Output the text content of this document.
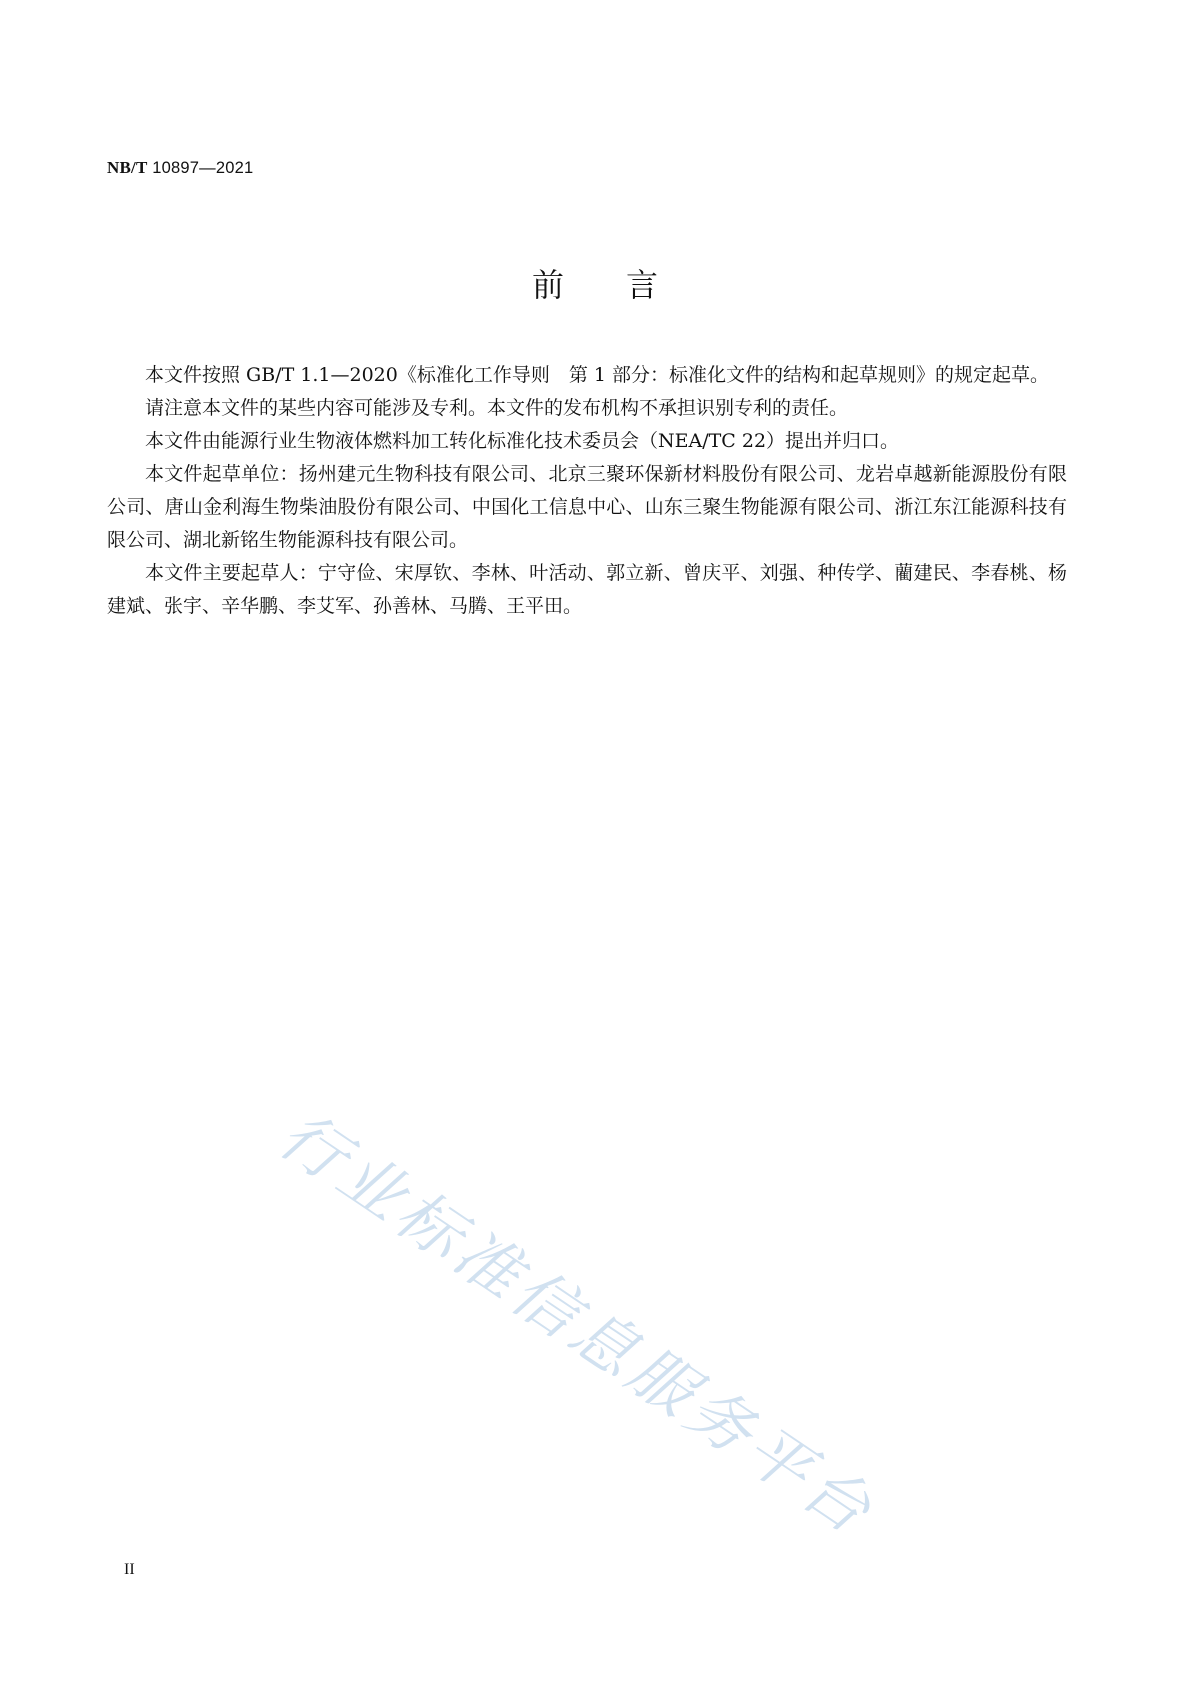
NB/T 10897—2021
前言

本文件按照 GB/T 1.1—2020《标准化工作导则　第 1 部分：标准化文件的结构和起草规则》的规定起草。

请注意本文件的某些内容可能涉及专利。本文件的发布机构不承担识别专利的责任。

本文件由能源行业生物液体燃料加工转化标准化技术委员会（NEA/TC 22）提出并归口。

本文件起草单位：扬州建元生物科技有限公司、北京三聚环保新材料股份有限公司、龙岩卓越新能源股份有限公司、唐山金利海生物柴油股份有限公司、中国化工信息中心、山东三聚生物能源有限公司、浙江东江能源科技有限公司、湖北新铭生物能源科技有限公司。

本文件主要起草人：宁守俭、宋厚钦、李林、叶活动、郭立新、曾庆平、刘强、种传学、藺建民、李春桃、杨建斌、张宇、辛华鹏、李艾军、孙善林、马腾、王平田。

行业标准信息服务平台
II
